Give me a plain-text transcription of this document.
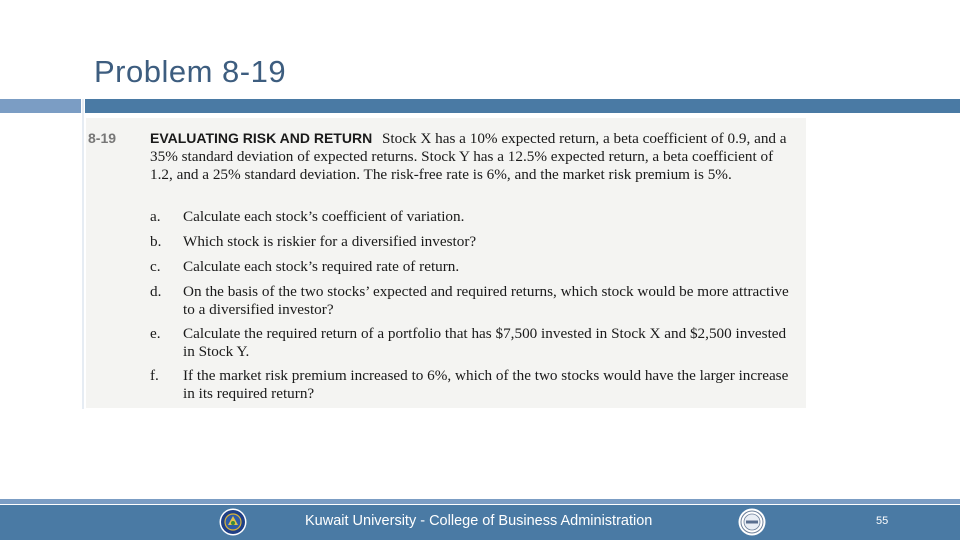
Problem 8-19
8-19 EVALUATING RISK AND RETURN Stock X has a 10% expected return, a beta coefficient of 0.9, and a 35% standard deviation of expected returns. Stock Y has a 12.5% expected return, a beta coefficient of 1.2, and a 25% standard deviation. The risk-free rate is 6%, and the market risk premium is 5%.
a.	Calculate each stock’s coefficient of variation.
b.	Which stock is riskier for a diversified investor?
c.	Calculate each stock’s required rate of return.
d.	On the basis of the two stocks’ expected and required returns, which stock would be more attractive to a diversified investor?
e.	Calculate the required return of a portfolio that has $7,500 invested in Stock X and $2,500 invested in Stock Y.
f.	If the market risk premium increased to 6%, which of the two stocks would have the larger increase in its required return?
Kuwait University - College of Business Administration	55
